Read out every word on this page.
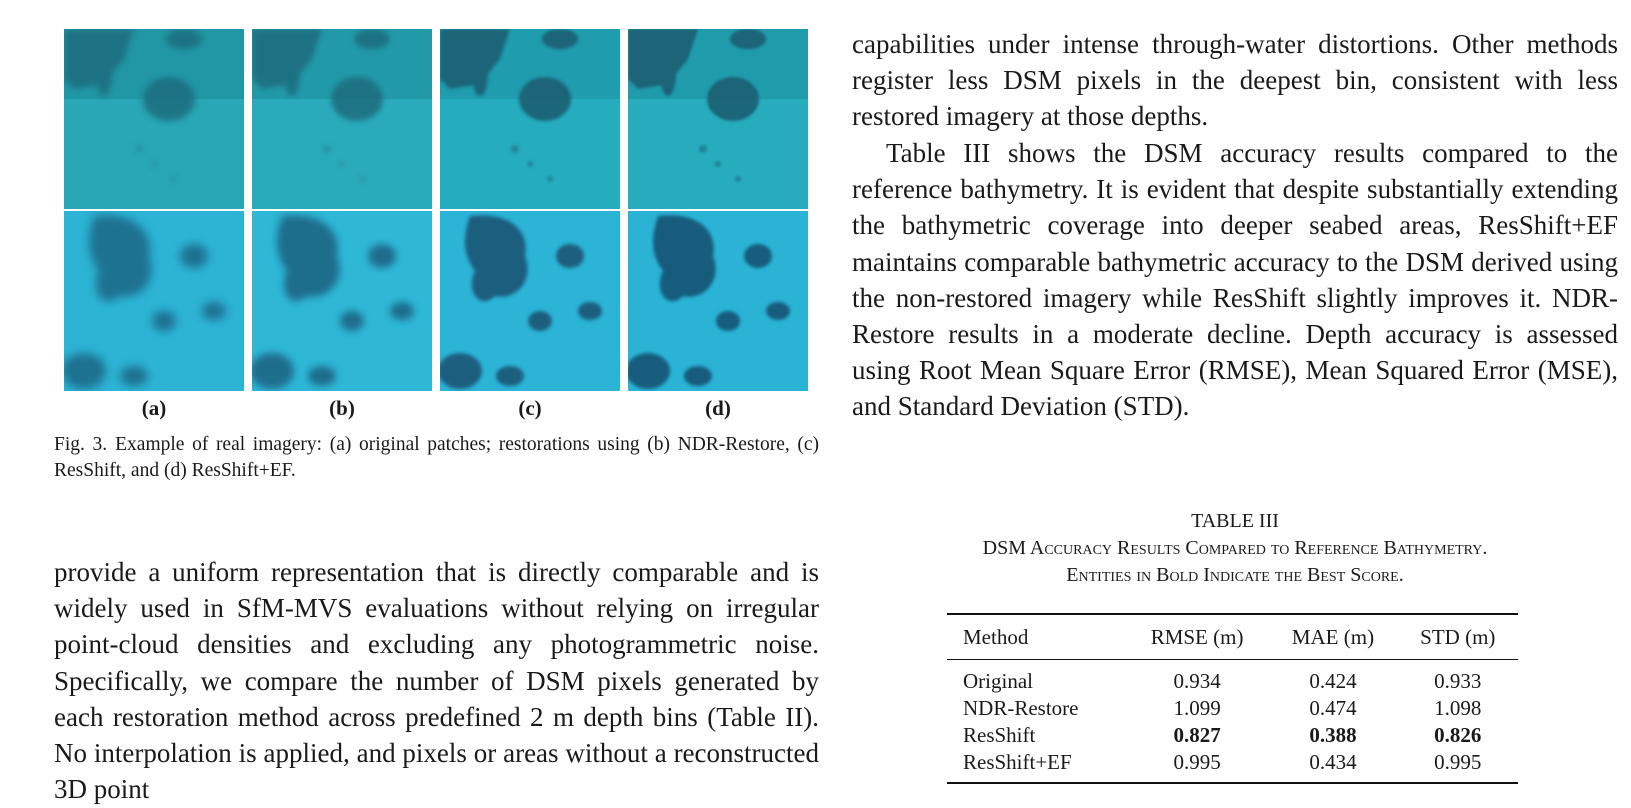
(a)	(b)	(c)	(d)
Fig. 3. Example of real imagery: (a) original patches; restorations using (b) NDR-Restore, (c) ResShift, and (d) ResShift+EF.

provide a uniform representation that is directly comparable and is widely used in SfM-MVS evaluations without relying on irregular point-cloud densities and excluding any photogrammetric noise. Specifically, we compare the number of DSM pixels generated by each restoration method across predefined 2 m depth bins (Table II). No interpolation is applied, and pixels or areas without a reconstructed 3D point

capabilities under intense through-water distortions. Other methods register less DSM pixels in the deepest bin, consistent with less restored imagery at those depths.

Table III shows the DSM accuracy results compared to the reference bathymetry. It is evident that despite substantially extending the bathymetric coverage into deeper seabed areas, ResShift+EF maintains comparable bathymetric accuracy to the DSM derived using the non-restored imagery while ResShift slightly improves it. NDR-Restore results in a moderate decline. Depth accuracy is assessed using Root Mean Square Error (RMSE), Mean Squared Error (MSE), and Standard Deviation (STD).

TABLE III
DSM Accuracy Results Compared to Reference Bathymetry.
Entities in Bold Indicate the Best Score.
Method	RMSE (m)	MAE (m)	STD (m)
Original	0.934	0.424	0.933
NDR-Restore	1.099	0.474	1.098
ResShift	0.827	0.388	0.826
ResShift+EF	0.995	0.434	0.995
